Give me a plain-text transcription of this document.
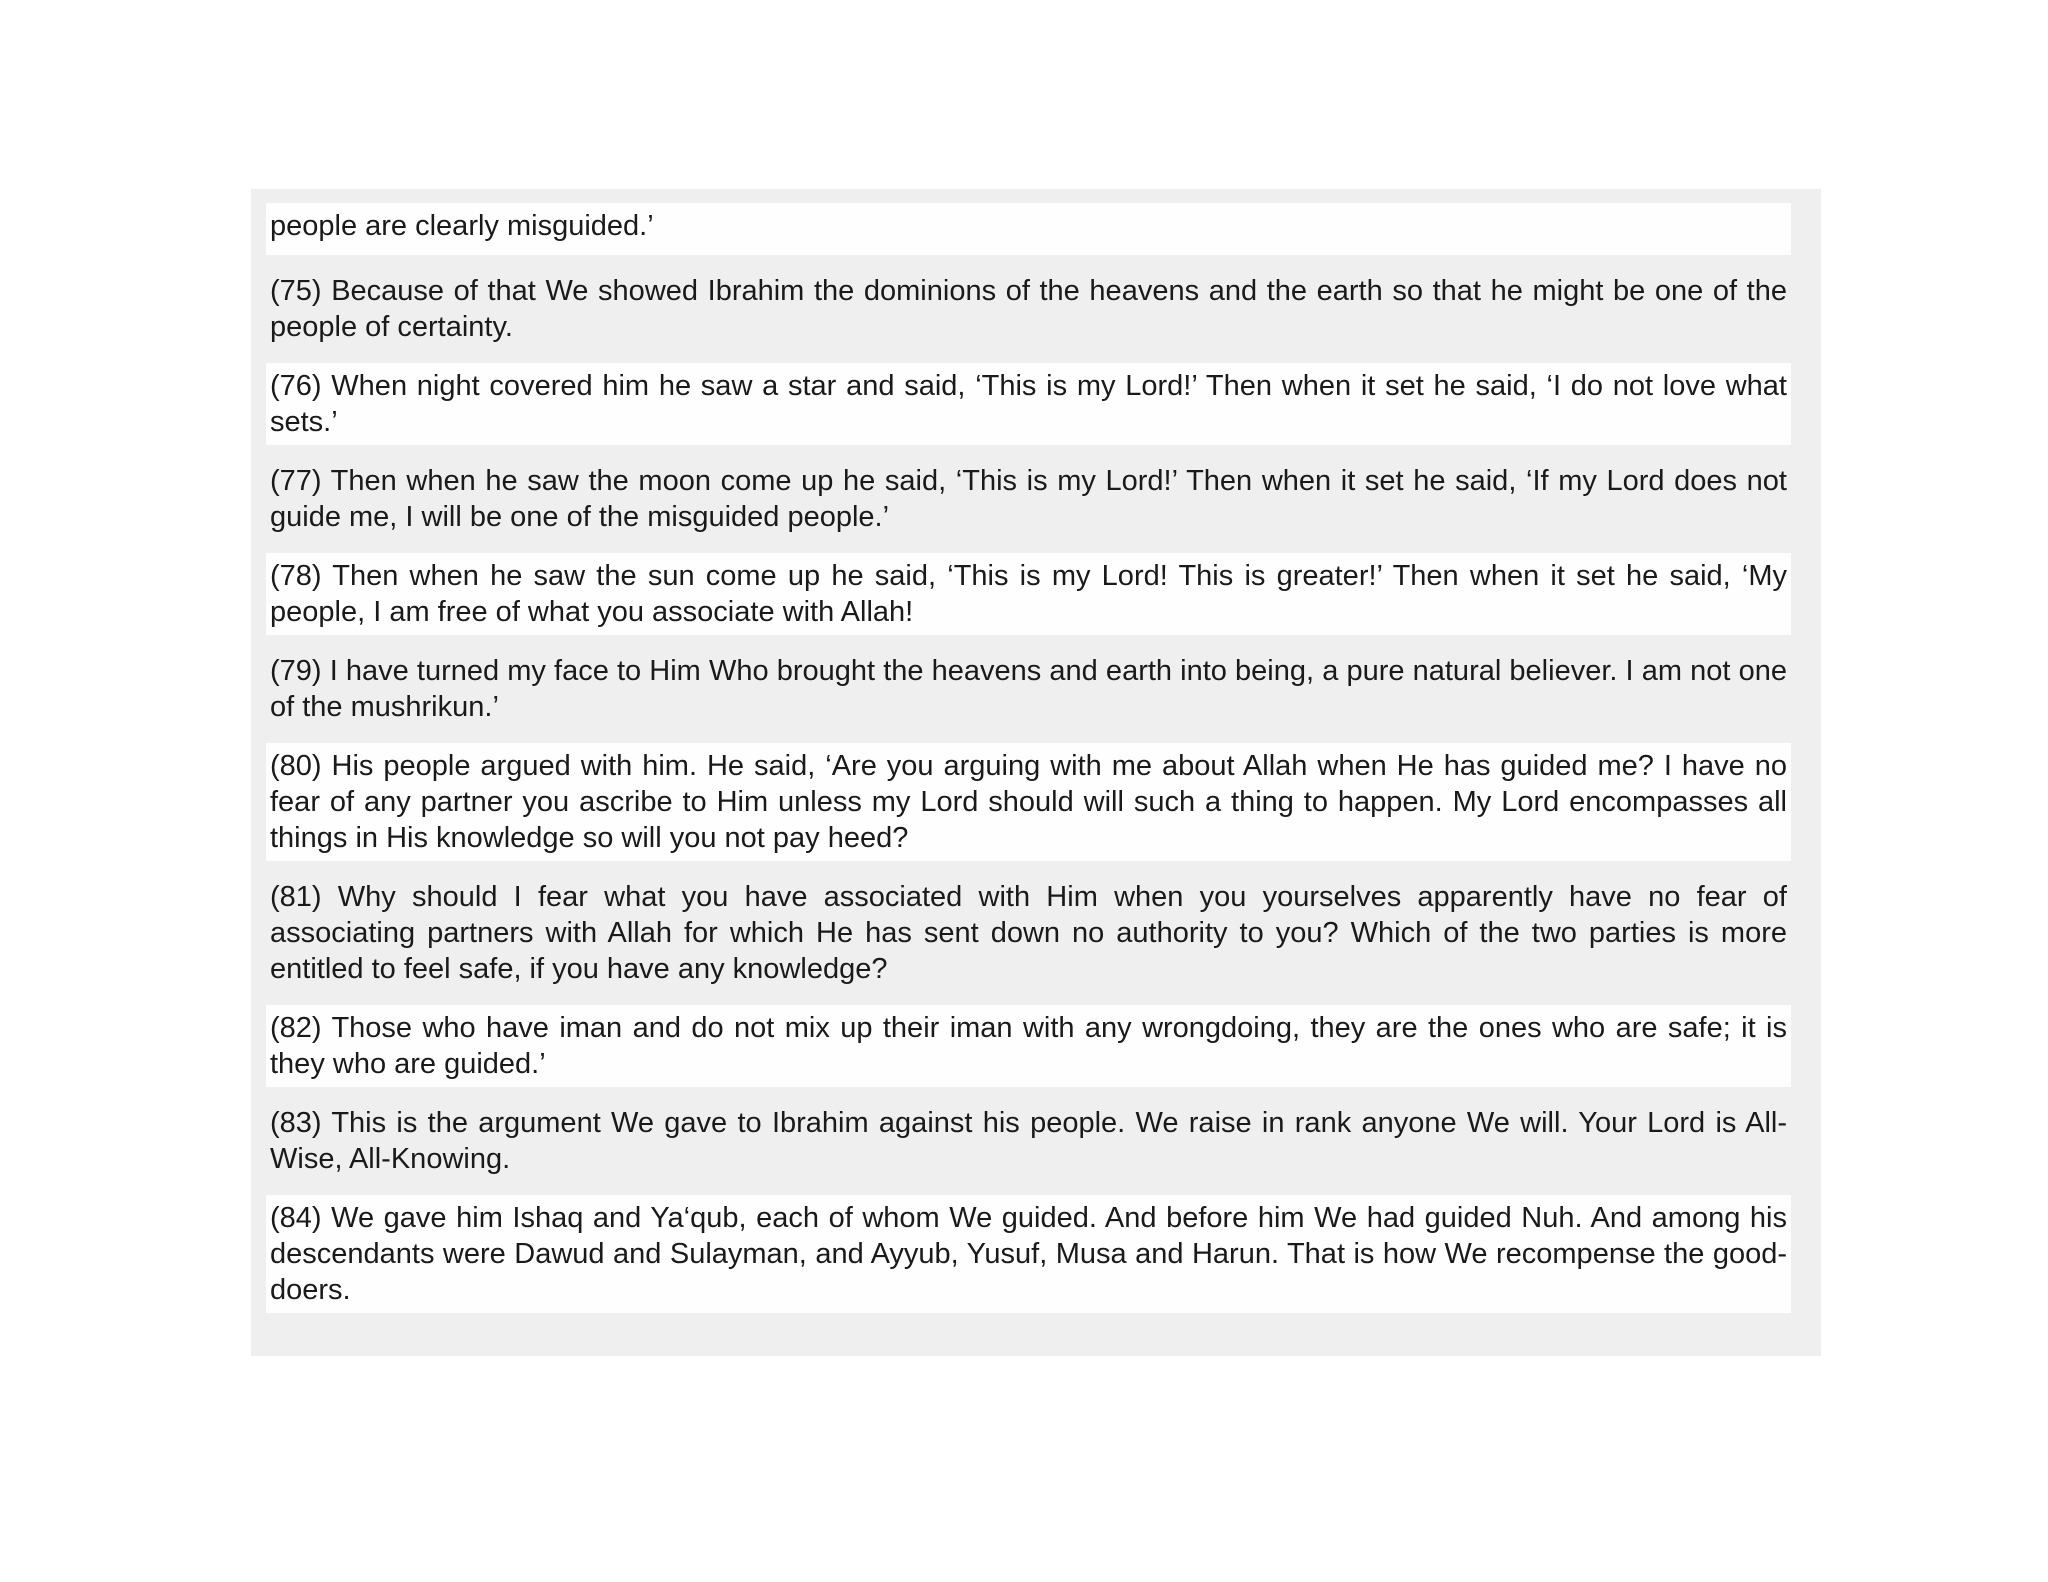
people are clearly misguided.’
(75) Because of that We showed Ibrahim the dominions of the heavens and the earth so that he might be one of the people of certainty.
(76) When night covered him he saw a star and said, ‘This is my Lord!’ Then when it set he said, ‘I do not love what sets.’
(77) Then when he saw the moon come up he said, ‘This is my Lord!’ Then when it set he said, ‘If my Lord does not guide me, I will be one of the misguided people.’
(78) Then when he saw the sun come up he said, ‘This is my Lord! This is greater!’ Then when it set he said, ‘My people, I am free of what you associate with Allah!
(79) I have turned my face to Him Who brought the heavens and earth into being, a pure natural believer. I am not one of the mushrikun.’
(80) His people argued with him. He said, ‘Are you arguing with me about Allah when He has guided me? I have no fear of any partner you ascribe to Him unless my Lord should will such a thing to happen. My Lord encompasses all things in His knowledge so will you not pay heed?
(81) Why should I fear what you have associated with Him when you yourselves apparently have no fear of associating partners with Allah for which He has sent down no authority to you? Which of the two parties is more entitled to feel safe, if you have any knowledge?
(82) Those who have iman and do not mix up their iman with any wrongdoing, they are the ones who are safe; it is they who are guided.’
(83) This is the argument We gave to Ibrahim against his people. We raise in rank anyone We will. Your Lord is All-Wise, All-Knowing.
(84) We gave him Ishaq and Ya‘qub, each of whom We guided. And before him We had guided Nuh. And among his descendants were Dawud and Sulayman, and Ayyub, Yusuf, Musa and Harun. That is how We recompense the good-doers.
